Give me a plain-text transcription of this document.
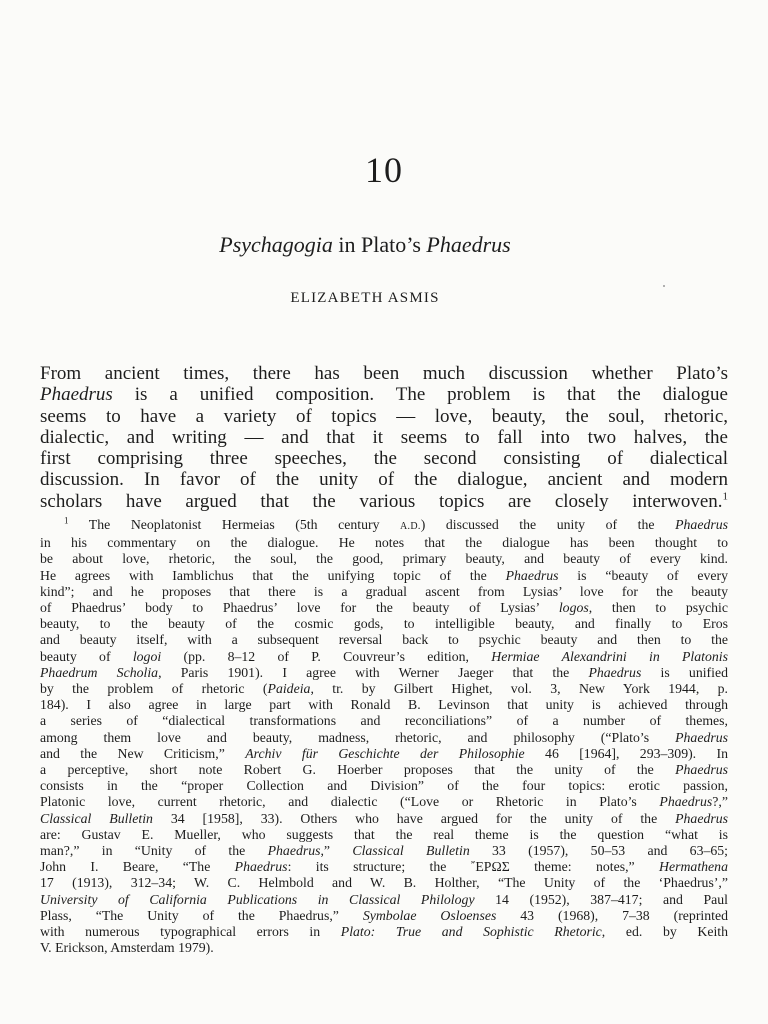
10
Psychagogia in Plato’s Phaedrus
ELIZABETH ASMIS
From ancient times, there has been much discussion whether Plato’s
Phaedrus is a unified composition. The problem is that the dialogue
seems to have a variety of topics — love, beauty, the soul, rhetoric,
dialectic, and writing — and that it seems to fall into two halves, the
first comprising three speeches, the second consisting of dialectical
discussion. In favor of the unity of the dialogue, ancient and modern
scholars have argued that the various topics are closely interwoven.$^1$
$^1$ The Neoplatonist Hermeias (5th century A.D.) discussed the unity of the Phaedrus
in his commentary on the dialogue. He notes that the dialogue has been thought to
be about love, rhetoric, the soul, the good, primary beauty, and beauty of every kind.
He agrees with Iamblichus that the unifying topic of the Phaedrus is “beauty of every
kind”; and he proposes that there is a gradual ascent from Lysias’ love for the beauty
of Phaedrus’ body to Phaedrus’ love for the beauty of Lysias’ logos, then to psychic
beauty, to the beauty of the cosmic gods, to intelligible beauty, and finally to Eros
and beauty itself, with a subsequent reversal back to psychic beauty and then to the
beauty of logoi (pp. 8–12 of P. Couvreur’s edition, Hermiae Alexandrini in Platonis
Phaedrum Scholia, Paris 1901). I agree with Werner Jaeger that the Phaedrus is unified
by the problem of rhetoric (Paideia, tr. by Gilbert Highet, vol. 3, New York 1944, p.
184). I also agree in large part with Ronald B. Levinson that unity is achieved through
a series of “dialectical transformations and reconciliations” of a number of themes,
among them love and beauty, madness, rhetoric, and philosophy (“Plato’s Phaedrus
and the New Criticism,” Archiv für Geschichte der Philosophie 46 [1964], 293–309). In
a perceptive, short note Robert G. Hoerber proposes that the unity of the Phaedrus
consists in the “proper Collection and Division” of the four topics: erotic passion,
Platonic love, current rhetoric, and dialectic (“Love or Rhetoric in Plato’s Phaedrus?,”
Classical Bulletin 34 [1958], 33). Others who have argued for the unity of the Phaedrus
are: Gustav E. Mueller, who suggests that the real theme is the question “what is
man?,” in “Unity of the Phaedrus,” Classical Bulletin 33 (1957), 50–53 and 63–65;
John I. Beare, “The Phaedrus: its structure; the ῎ΕΡΩΣ theme: notes,” Hermathena
17 (1913), 312–34; W. C. Helmbold and W. B. Holther, “The Unity of the ‘Phaedrus’,”
University of California Publications in Classical Philology 14 (1952), 387–417; and Paul
Plass, “The Unity of the Phaedrus,” Symbolae Osloenses 43 (1968), 7–38 (reprinted
with numerous typographical errors in Plato: True and Sophistic Rhetoric, ed. by Keith
V. Erickson, Amsterdam 1979).
